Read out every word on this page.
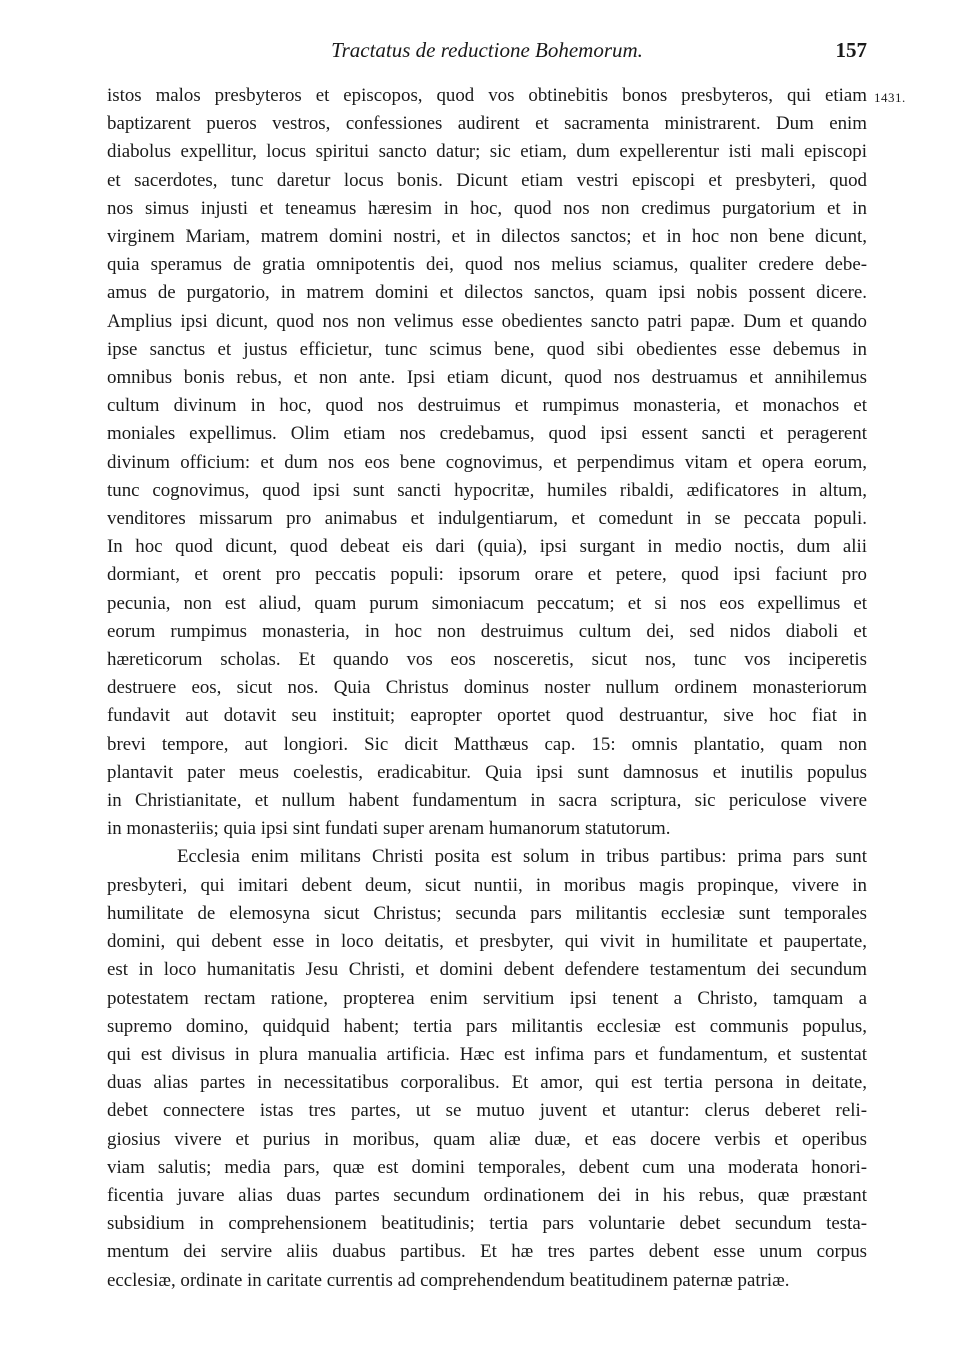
Tractatus de reductione Bohemorum.	157
1431.
istos malos presbyteros et episcopos, quod vos obtinebitis bonos presbyteros, qui etiam
baptizarent pueros vestros, confessiones audirent et sacramenta ministrarent. Dum enim
diabolus expellitur, locus spiritui sancto datur; sic etiam, dum expellerentur isti mali episcopi
et sacerdotes, tunc daretur locus bonis. Dicunt etiam vestri episcopi et presbyteri, quod
nos simus injusti et teneamus hæresim in hoc, quod nos non credimus purgatorium et in
virginem Mariam, matrem domini nostri, et in dilectos sanctos; et in hoc non bene dicunt,
quia speramus de gratia omnipotentis dei, quod nos melius sciamus, qualiter credere debe-
amus de purgatorio, in matrem domini et dilectos sanctos, quam ipsi nobis possent dicere.
Amplius ipsi dicunt, quod nos non velimus esse obedientes sancto patri papæ. Dum et quando
ipse sanctus et justus efficietur, tunc scimus bene, quod sibi obedientes esse debemus in
omnibus bonis rebus, et non ante. Ipsi etiam dicunt, quod nos destruamus et annihilemus
cultum divinum in hoc, quod nos destruimus et rumpimus monasteria, et monachos et
moniales expellimus. Olim etiam nos credebamus, quod ipsi essent sancti et peragerent
divinum officium: et dum nos eos bene cognovimus, et perpendimus vitam et opera eorum,
tunc cognovimus, quod ipsi sunt sancti hypocritæ, humiles ribaldi, ædificatores in altum,
venditores missarum pro animabus et indulgentiarum, et comedunt in se peccata populi.
In hoc quod dicunt, quod debeat eis dari (quia), ipsi surgant in medio noctis, dum alii
dormiant, et orent pro peccatis populi: ipsorum orare et petere, quod ipsi faciunt pro
pecunia, non est aliud, quam purum simoniacum peccatum; et si nos eos expellimus et
eorum rumpimus monasteria, in hoc non destruimus cultum dei, sed nidos diaboli et
hæreticorum scholas. Et quando vos eos nosceretis, sicut nos, tunc vos inciperetis
destruere eos, sicut nos. Quia Christus dominus noster nullum ordinem monasteriorum
fundavit aut dotavit seu instituit; eapropter oportet quod destruantur, sive hoc fiat in
brevi tempore, aut longiori. Sic dicit Matthæus cap. 15: omnis plantatio, quam non
plantavit pater meus coelestis, eradicabitur. Quia ipsi sunt damnosus et inutilis populus
in Christianitate, et nullum habent fundamentum in sacra scriptura, sic periculose vivere
in monasteriis; quia ipsi sint fundati super arenam humanorum statutorum.
Ecclesia enim militans Christi posita est solum in tribus partibus: prima pars sunt
presbyteri, qui imitari debent deum, sicut nuntii, in moribus magis propinque, vivere in
humilitate de elemosyna sicut Christus; secunda pars militantis ecclesiæ sunt temporales
domini, qui debent esse in loco deitatis, et presbyter, qui vivit in humilitate et paupertate,
est in loco humanitatis Jesu Christi, et domini debent defendere testamentum dei secundum
potestatem rectam ratione, propterea enim servitium ipsi tenent a Christo, tamquam a
supremo domino, quidquid habent; tertia pars militantis ecclesiæ est communis populus,
qui est divisus in plura manualia artificia. Hæc est infima pars et fundamentum, et sustentat
duas alias partes in necessitatibus corporalibus. Et amor, qui est tertia persona in deitate,
debet connectere istas tres partes, ut se mutuo juvent et utantur: clerus deberet reli-
giosius vivere et purius in moribus, quam aliæ duæ, et eas docere verbis et operibus
viam salutis; media pars, quæ est domini temporales, debent cum una moderata honori-
ficentia juvare alias duas partes secundum ordinationem dei in his rebus, quæ præstant
subsidium in comprehensionem beatitudinis; tertia pars voluntarie debet secundum testa-
mentum dei servire aliis duabus partibus. Et hæ tres partes debent esse unum corpus
ecclesiæ, ordinate in caritate currentis ad comprehendendum beatitudinem paternæ patriæ.
